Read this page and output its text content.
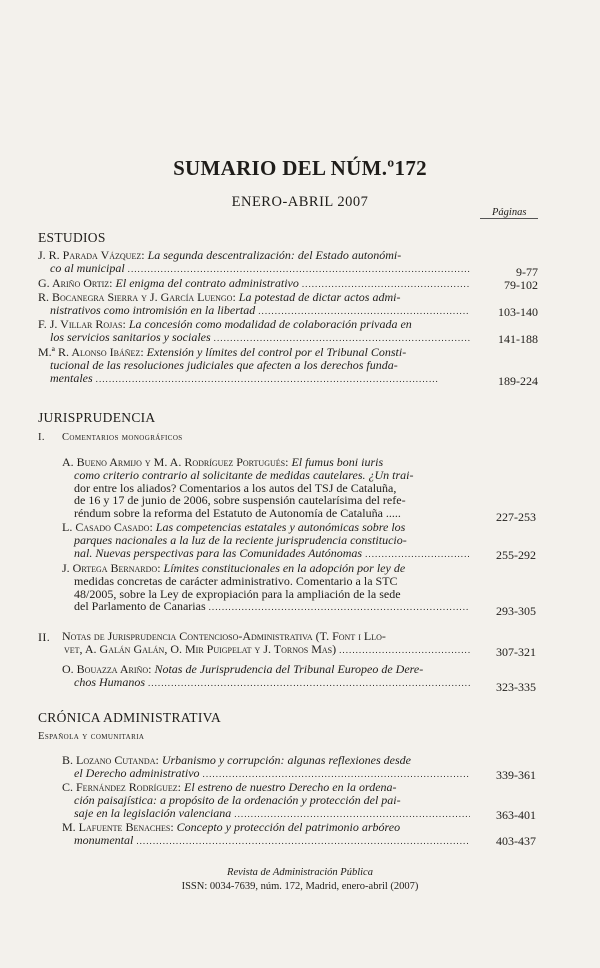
SUMARIO DEL NÚM.º172
ENERO-ABRIL 2007
Páginas
ESTUDIOS
J. R. Parada Vázquez: La segunda descentralización: del Estado autonómi-
co al municipal . . .	9-77
G. Ariño Ortiz:
El enigma del contrato administrativo . . .	79-102
R. Bocanegra Sierra y J. García Luengo: La potestad de dictar actos admi-
nistrativos como intromisión en la libertad . . .	103-140
F. J. Villar Rojas: La concesión como modalidad de colaboración privada en
los servicios sanitarios y sociales . . .	141-188
M.ª R. Alonso Ibáñez: Extensión y límites del control por el Tribunal Consti-
tucional de las resoluciones judiciales que afecten a los derechos funda-
mentales . . .	189-224
JURISPRUDENCIA
I. Comentarios monográficos
A. Bueno Armijo y M. A. Rodríguez Portugués: El fumus boni iuris
como criterio contrario al solicitante de medidas cautelares. ¿Un trai-
dor entre los aliados? Comentarios a los autos del TSJ de Cataluña,
de 16 y 17 de junio de 2006, sobre suspensión cautelarísima del refe-
réndum sobre la reforma del Estatuto de Autonomía de Cataluña .....	227-253
L. Casado Casado: Las competencias estatales y autonómicas sobre los
parques nacionales a la luz de la reciente jurisprudencia constitucio-
nal. Nuevas perspectivas para las Comunidades Autónomas . . .	255-292
J. Ortega Bernardo: Límites constitucionales en la adopción por ley de
medidas concretas de carácter administrativo. Comentario a la STC
48/2005, sobre la Ley de expropiación para la ampliación de la sede
del Parlamento de Canarias . . .	293-305
II. Notas de Jurisprudencia Contencioso-Administrativa (T. Font i Llo-
vet, A. Galán Galán, O. Mir Puigpelat y J. Tornos Mas) . . .	307-321
O. Bouazza Ariño: Notas de Jurisprudencia del Tribunal Europeo de Dere-
chos Humanos . . .	323-335
CRÓNICA ADMINISTRATIVA
Española y comunitaria
B. Lozano Cutanda: Urbanismo y corrupción: algunas reflexiones desde
el Derecho administrativo . . .	339-361
C. Fernández Rodríguez: El estreno de nuestro Derecho en la ordena-
ción paisajística: a propósito de la ordenación y protección del pai-
saje en la legislación valenciana . . .	363-401
M. Lafuente Benaches: Concepto y protección del patrimonio arbóreo
monumental . . .	403-437
Revista de Administración Pública
ISSN: 0034-7639, núm. 172, Madrid, enero-abril (2007)
